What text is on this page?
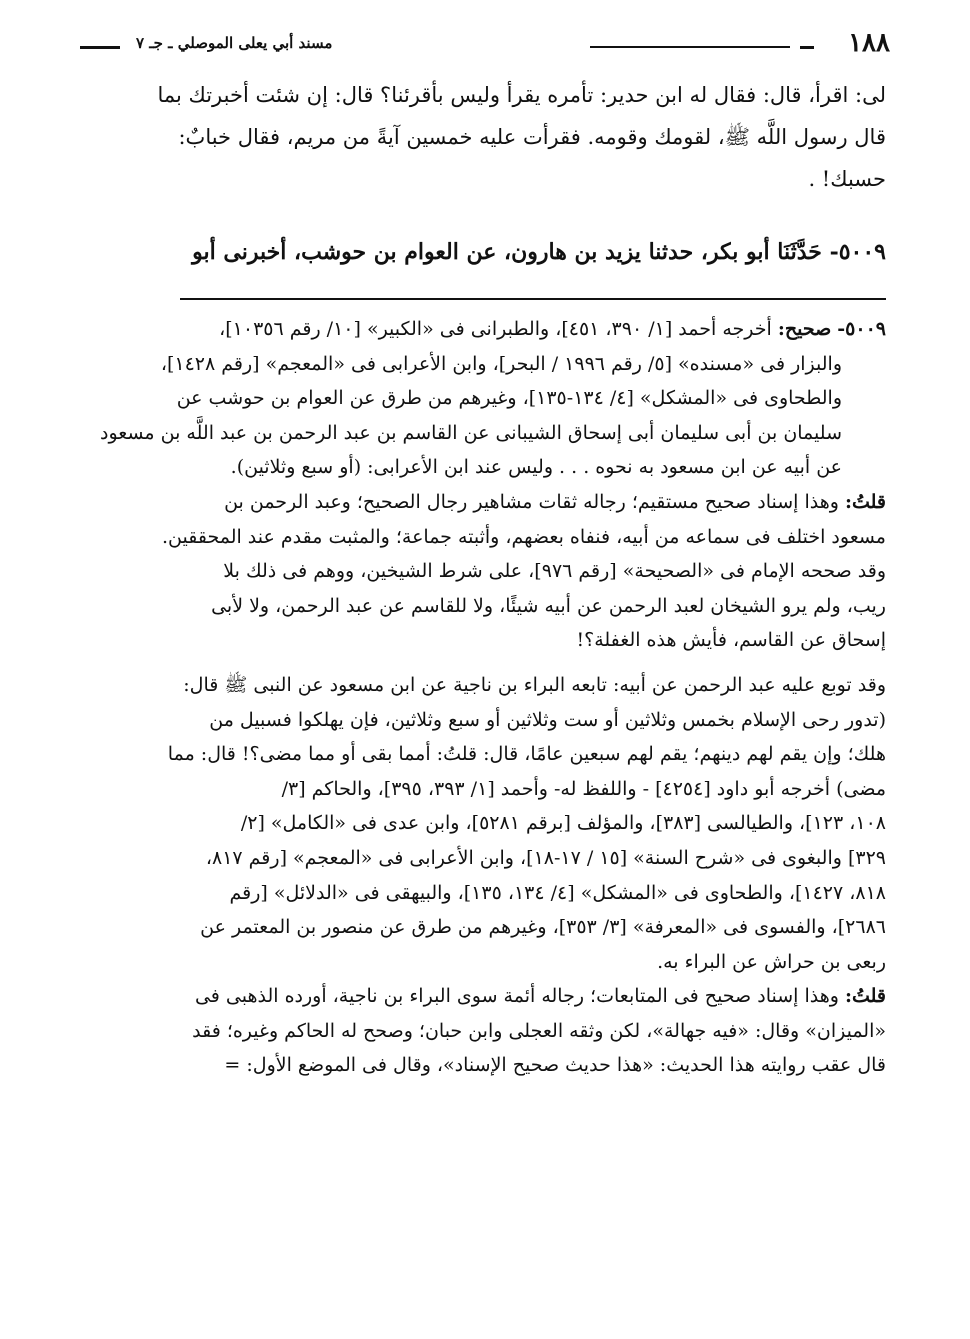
١٨٨
مسند أبي يعلى الموصلي ـ جـ ٧

لى: اقرأ، قال: فقال له ابن حدير: تأمره يقرأ وليس بأقرئنا؟ قال: إن شئت أخبرتك بما

قال رسول اللَّه ﷺ، لقومك وقومه. فقرأت عليه خمسين آيةً من مريم، فقال خبابٌ:

حسبك! .

٥٠٠٩- حَدَّثَنَا أبو بكر، حدثنا يزيد بن هارون، عن العوام بن حوشب، أخبرنى أبو

٥٠٠٩- صحيح: أخرجه أحمد [١/ ٣٩٠، ٤٥١]، والطبرانى فى «الكبير» [١٠/ رقم ١٠٣٥٦]،

والبزار فى «مسنده» [٥/ رقم ١٩٩٦ / البحر]، وابن الأعرابى فى «المعجم» [رقم ١٤٢٨]،

والطحاوى فى «المشكل» [٤/ ١٣٤-١٣٥]، وغيرهم من طرق عن العوام بن حوشب عن

سليمان بن أبى سليمان أبى إسحاق الشيبانى عن القاسم بن عبد الرحمن بن عبد اللَّه بن مسعود

عن أبيه عن ابن مسعود به نحوه . . . وليس عند ابن الأعرابى: (أو سبع وثلاثين).

قلتُ: وهذا إسناد صحيح مستقيم؛ رجاله ثقات مشاهير رجال الصحيح؛ وعبد الرحمن بن

مسعود اختلف فى سماعه من أبيه، فنفاه بعضهم، وأثبته جماعة؛ والمثبت مقدم عند المحققين.

وقد صححه الإمام فى «الصحيحة» [رقم ٩٧٦]، على شرط الشيخين، ووهم فى ذلك بلا

ريب، ولم يرو الشيخان لعبد الرحمن عن أبيه شيئًا، ولا للقاسم عن عبد الرحمن، ولا لأبى

إسحاق عن القاسم، فأيش هذه الغفلة؟!

وقد توبع عليه عبد الرحمن عن أبيه: تابعه البراء بن ناجية عن ابن مسعود عن النبى ﷺ قال:

(تدور رحى الإسلام بخمس وثلاثين أو ست وثلاثين أو سبع وثلاثين، فإن يهلكوا فسبيل من

هلك؛ وإن يقم لهم دينهم؛ يقم لهم سبعين عامًا، قال: قلتُ: أمما بقى أو مما مضى؟! قال: مما

مضى) أخرجه أبو داود [٤٢٥٤] - واللفظ له- وأحمد [١/ ٣٩٣، ٣٩٥]، والحاكم [٣/

١٠٨، ١٢٣]، والطيالسى [٣٨٣]، والمؤلف [برقم ٥٢٨١]، وابن عدى فى «الكامل» [٢/

٣٢٩] والبغوى فى «شرح السنة» [١٥ / ١٧-١٨]، وابن الأعرابى فى «المعجم» [رقم ٨١٧،

٨١٨، ١٤٢٧]، والطحاوى فى «المشكل» [٤/ ١٣٤، ١٣٥]، والبيهقى فى «الدلائل» [رقم

٢٦٨٦]، والفسوى فى «المعرفة» [٣/ ٣٥٣]، وغيرهم من طرق عن منصور بن المعتمر عن

ربعى بن حراش عن البراء به.

قلتُ: وهذا إسناد صحيح فى المتابعات؛ رجاله أئمة سوى البراء بن ناجية، أورده الذهبى فى

«الميزان» وقال: «فيه جهالة»، لكن وثقه العجلى وابن حبان؛ وصحح له الحاكم وغيره؛ فقد

قال عقب روايته هذا الحديث: «هذا حديث صحيح الإسناد»، وقال فى الموضع الأول: =
